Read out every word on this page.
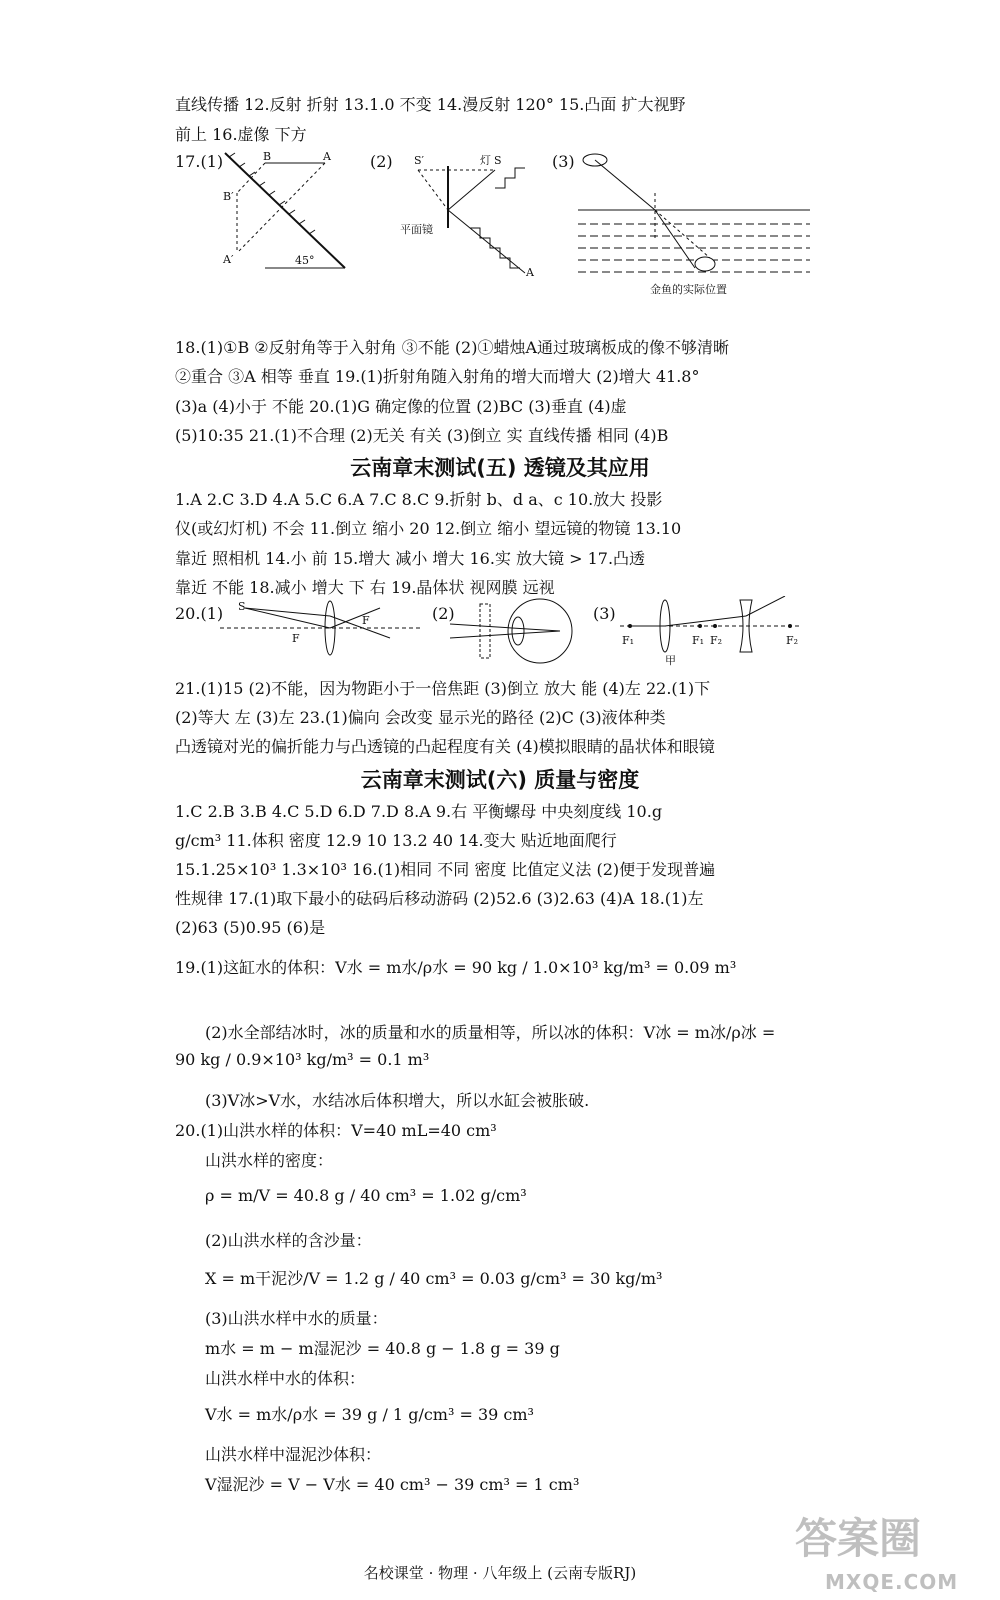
直线传播 12.反射 折射 13.1.0 不变 14.漫反射 120° 15.凸面 扩大视野
前上 16.虚像 下方
17.(1)	B	A
B′
A′	45°
(2) S′	灯 S
平面镜
A
(3)
金鱼的实际位置
18.(1)①B ②反射角等于入射角 ③不能 (2)①蜡烛A通过玻璃板成的像不够清晰
②重合 ③A 相等 垂直 19.(1)折射角随入射角的增大而增大 (2)增大 41.8°
(3)a (4)小于 不能 20.(1)G 确定像的位置 (2)BC (3)垂直 (4)虚
(5)10:35 21.(1)不合理 (2)无关 有关 (3)倒立 实 直线传播 相同 (4)B
云南章末测试(五) 透镜及其应用
1.A 2.C 3.D 4.A 5.C 6.A 7.C 8.C 9.折射 b、d a、c 10.放大 投影
仪(或幻灯机) 不会 11.倒立 缩小 20 12.倒立 缩小 望远镜的物镜 13.10
靠近 照相机 14.小 前 15.增大 减小 增大 16.实 放大镜 > 17.凸透
靠近 不能 18.减小 增大 下 右 19.晶体状 视网膜 远视
20.(1) S
F
F	(2)	(3)
F₁	F₁ F₂	F₂
甲
21.(1)15 (2)不能，因为物距小于一倍焦距 (3)倒立 放大 能 (4)左 22.(1)下
(2)等大 左 (3)左 23.(1)偏向 会改变 显示光的路径 (2)C (3)液体种类
凸透镜对光的偏折能力与凸透镜的凸起程度有关 (4)模拟眼睛的晶状体和眼镜
云南章末测试(六) 质量与密度
1.C 2.B 3.B 4.C 5.D 6.D 7.D 8.A 9.右 平衡螺母 中央刻度线 10.g
g/cm³ 11.体积 密度 12.9 10 13.2 40 14.变大 贴近地面爬行
15.1.25×10³ 1.3×10³ 16.(1)相同 不同 密度 比值定义法 (2)便于发现普遍
性规律 17.(1)取下最小的砝码后移动游码 (2)52.6 (3)2.63 (4)A 18.(1)左
(2)63 (5)0.95 (6)是
19.(1)这缸水的体积：V水 = m水/ρ水 = 90 kg / 1.0×10³ kg/m³ = 0.09 m³
(2)水全部结冰时，冰的质量和水的质量相等，所以冰的体积：V冰 = m冰/ρ冰 =
90 kg / 0.9×10³ kg/m³ = 0.1 m³
(3)V冰>V水，水结冰后体积增大，所以水缸会被胀破.
20.(1)山洪水样的体积：V=40 mL=40 cm³
山洪水样的密度：
ρ = m/V = 40.8 g / 40 cm³ = 1.02 g/cm³
(2)山洪水样的含沙量：
X = m干泥沙/V = 1.2 g / 40 cm³ = 0.03 g/cm³ = 30 kg/m³
(3)山洪水样中水的质量：
m水 = m − m湿泥沙 = 40.8 g − 1.8 g = 39 g
山洪水样中水的体积：
V水 = m水/ρ水 = 39 g / 1 g/cm³ = 39 cm³
山洪水样中湿泥沙体积：
V湿泥沙 = V − V水 = 40 cm³ − 39 cm³ = 1 cm³
名校课堂 · 物理 · 八年级上 (云南专版RJ)
答案圈
MXQE.COM
